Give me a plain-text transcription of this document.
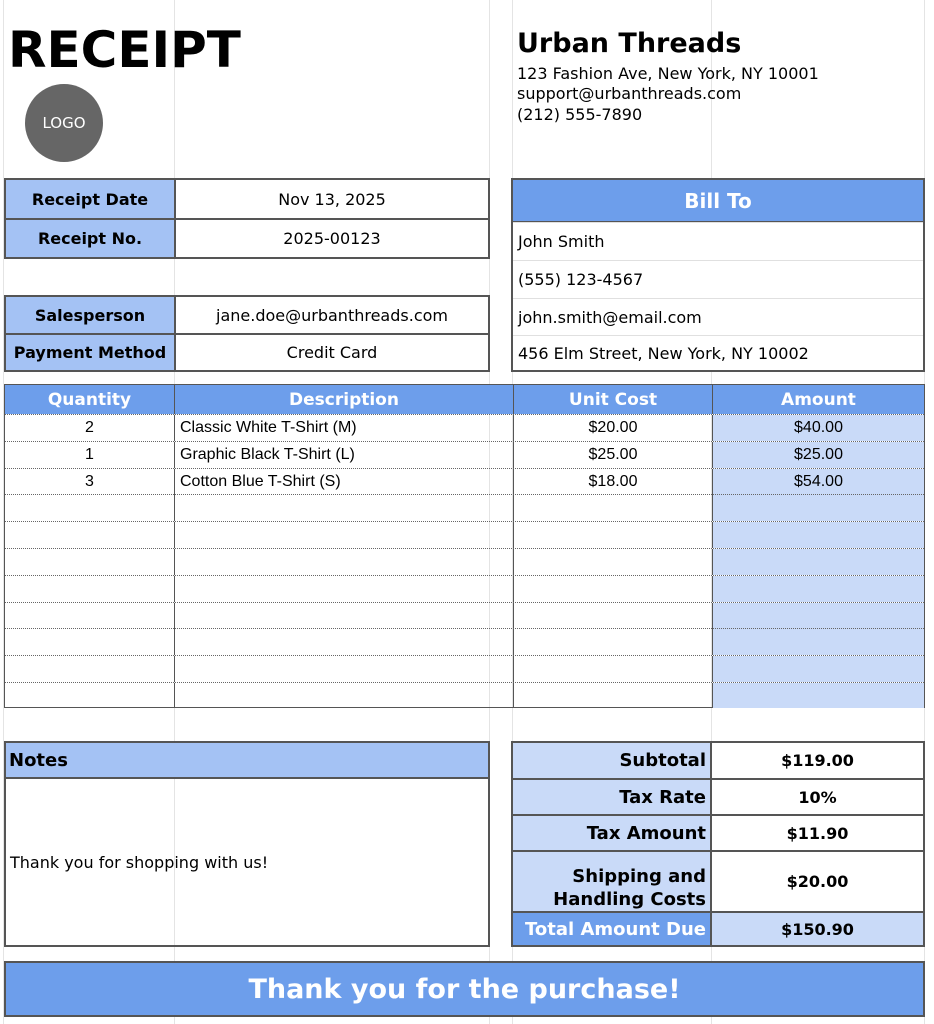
RECEIPT
LOGO
Urban Threads
123 Fashion Ave, New York, NY 10001
support@urbanthreads.com
(212) 555-7890
Receipt Date	Nov 13, 2025
Receipt No.	2025-00123
Salesperson	jane.doe@urbanthreads.com
Payment Method	Credit Card
Bill To
John Smith
(555) 123-4567
john.smith@email.com
456 Elm Street, New York, NY 10002
Quantity	Description	Unit Cost	Amount
2	Classic White T-Shirt (M)	$20.00	$40.00
1	Graphic Black T-Shirt (L)	$25.00	$25.00
3	Cotton Blue T-Shirt (S)	$18.00	$54.00
Notes
Thank you for shopping with us!
Subtotal	$119.00
Tax Rate	10%
Tax Amount	$11.90
Shipping and
Handling Costs
$20.00
Total Amount Due	$150.90
Thank you for the purchase!
